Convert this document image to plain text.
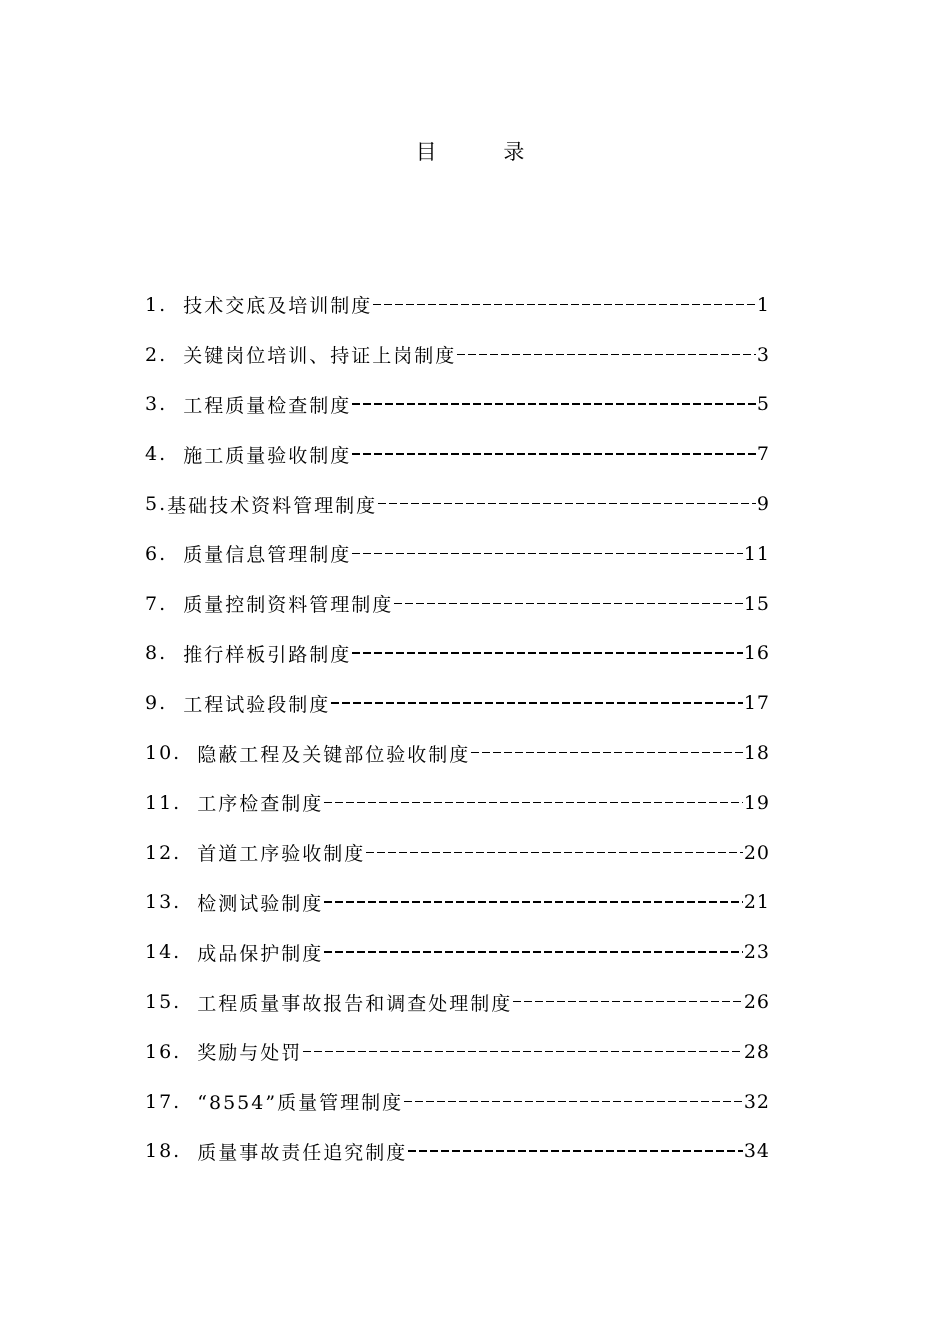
目 录
1. 技术交底及培训制度	1
2. 关键岗位培训、持证上岗制度	3
3. 工程质量检查制度	5
4. 施工质量验收制度	7
5. 基础技术资料管理制度	9
6. 质量信息管理制度	11
7. 质量控制资料管理制度	15
8. 推行样板引路制度	16
9. 工程试验段制度	17
10. 隐蔽工程及关键部位验收制度	18
11. 工序检查制度	19
12. 首道工序验收制度	20
13. 检测试验制度	21
14. 成品保护制度	23
15. 工程质量事故报告和调查处理制度	26
16. 奖励与处罚	28
17. “8554”质量管理制度	32
18. 质量事故责任追究制度	34
